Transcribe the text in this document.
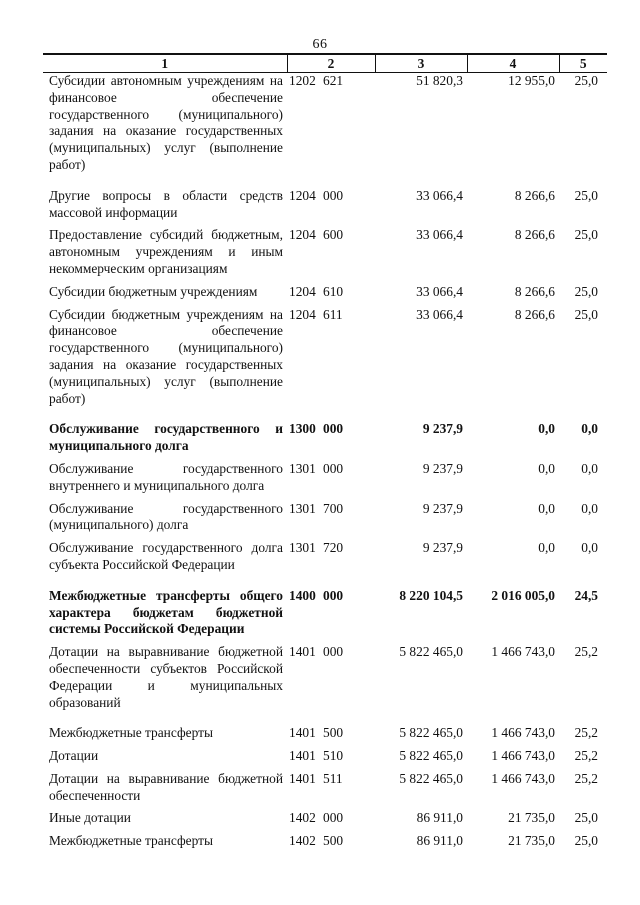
66
1	2	3	4	5
Субсидии автономным учреждениям на финансовое обеспечение государственного (муниципального) задания на оказание государственных (муниципальных) услуг (выполнение работ)	1202 621	51 820,3	12 955,0	25,0
Другие вопросы в области средств массовой информации	1204 000	33 066,4	8 266,6	25,0
Предоставление субсидий бюджетным, автономным учреждениям и иным некоммерческим организациям	1204 600	33 066,4	8 266,6	25,0
Субсидии бюджетным учреждениям	1204 610	33 066,4	8 266,6	25,0
Субсидии бюджетным учреждениям на финансовое обеспечение государственного (муниципального) задания на оказание государственных (муниципальных) услуг (выполнение работ)	1204 611	33 066,4	8 266,6	25,0
Обслуживание государственного и муниципального долга	1300 000	9 237,9	0,0	0,0
Обслуживание государственного внутреннего и муниципального долга	1301 000	9 237,9	0,0	0,0
Обслуживание государственного (муниципального) долга	1301 700	9 237,9	0,0	0,0
Обслуживание государственного долга субъекта Российской Федерации	1301 720	9 237,9	0,0	0,0
Межбюджетные трансферты общего характера бюджетам бюджетной системы Российской Федерации	1400 000	8 220 104,5	2 016 005,0	24,5
Дотации на выравнивание бюджетной обеспеченности субъектов Российской Федерации и муниципальных образований	1401 000	5 822 465,0	1 466 743,0	25,2
Межбюджетные трансферты	1401 500	5 822 465,0	1 466 743,0	25,2
Дотации	1401 510	5 822 465,0	1 466 743,0	25,2
Дотации на выравнивание бюджетной обеспеченности	1401 511	5 822 465,0	1 466 743,0	25,2
Иные дотации	1402 000	86 911,0	21 735,0	25,0
Межбюджетные трансферты	1402 500	86 911,0	21 735,0	25,0
